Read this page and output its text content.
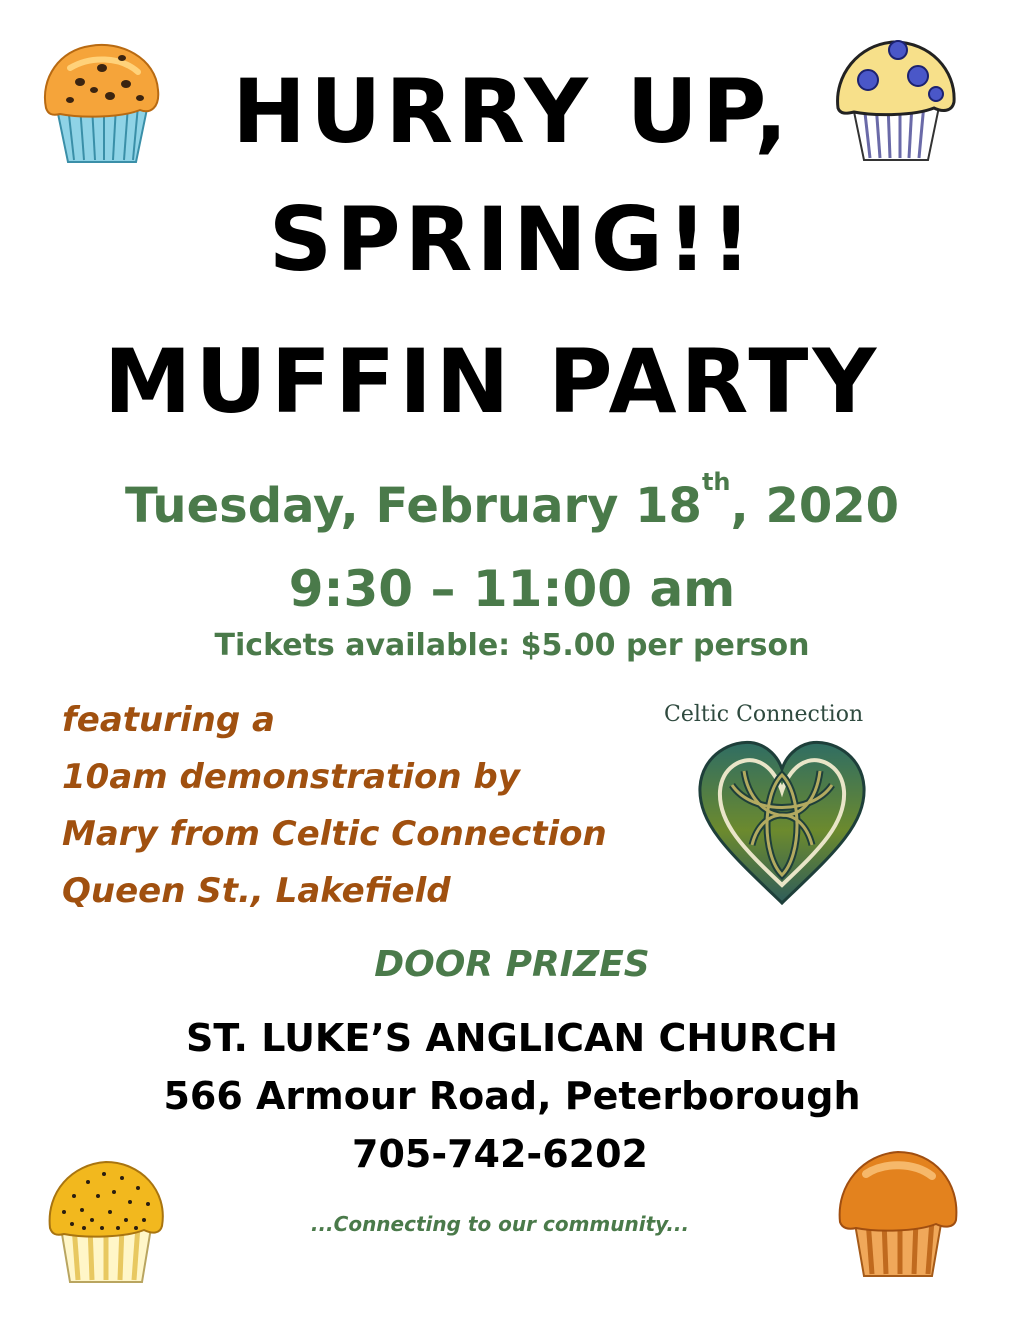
HURRY UP,
SPRING!!
MUFFIN PARTY
Tuesday, February 18th, 2020
9:30 – 11:00 am
Tickets available: $5.00 per person
featuring a
10am demonstration by
Mary from Celtic Connection
Queen St., Lakefield
Celtic Connection
DOOR PRIZES
ST. LUKE’S ANGLICAN CHURCH
566 Armour Road, Peterborough
705-742-6202
...Connecting to our community...
